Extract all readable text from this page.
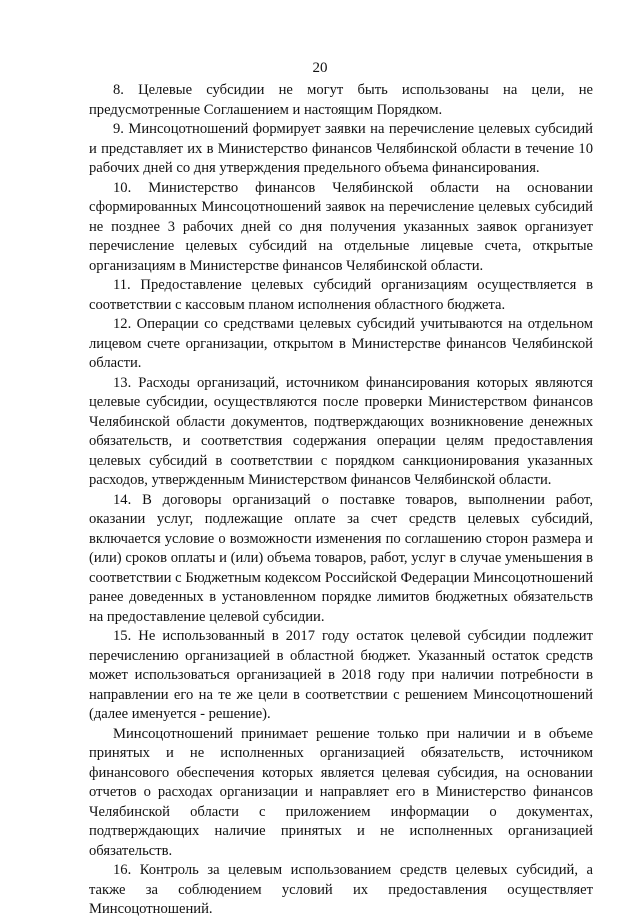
20

8. Целевые субсидии не могут быть использованы на цели, не предусмотренные Соглашением и настоящим Порядком.

9. Минсоцотношений формирует заявки на перечисление целевых субсидий и представляет их в Министерство финансов Челябинской области в течение 10 рабочих дней со дня утверждения предельного объема финансирования.

10. Министерство финансов Челябинской области на основании сформированных Минсоцотношений заявок на перечисление целевых субсидий не позднее 3 рабочих дней со дня получения указанных заявок организует перечисление целевых субсидий на отдельные лицевые счета, открытые организациям в Министерстве финансов Челябинской области.

11. Предоставление целевых субсидий организациям осуществляется в соответствии с кассовым планом исполнения областного бюджета.

12. Операции со средствами целевых субсидий учитываются на отдельном лицевом счете организации, открытом в Министерстве финансов Челябинской области.

13. Расходы организаций, источником финансирования которых являются целевые субсидии, осуществляются после проверки Министерством финансов Челябинской области документов, подтверждающих возникновение денежных обязательств, и соответствия содержания операции целям предоставления целевых субсидий в соответствии с порядком санкционирования указанных расходов, утвержденным Министерством финансов Челябинской области.

14. В договоры организаций о поставке товаров, выполнении работ, оказании услуг, подлежащие оплате за счет средств целевых субсидий, включается условие о возможности изменения по соглашению сторон размера и (или) сроков оплаты и (или) объема товаров, работ, услуг в случае уменьшения в соответствии с Бюджетным кодексом Российской Федерации Минсоцотношений ранее доведенных в установленном порядке лимитов бюджетных обязательств на предоставление целевой субсидии.

15. Не использованный в 2017 году остаток целевой субсидии подлежит перечислению организацией в областной бюджет. Указанный остаток средств может использоваться организацией в 2018 году при наличии потребности в направлении его на те же цели в соответствии с решением Минсоцотношений (далее именуется - решение).

Минсоцотношений принимает решение только при наличии и в объеме принятых и не исполненных организацией обязательств, источником финансового обеспечения которых является целевая субсидия, на основании отчетов о расходах организации и направляет его в Министерство финансов Челябинской области с приложением информации о документах, подтверждающих наличие принятых и не исполненных организацией обязательств.

16. Контроль за целевым использованием средств целевых субсидий, а также за соблюдением условий их предоставления осуществляет Минсоцотношений.
